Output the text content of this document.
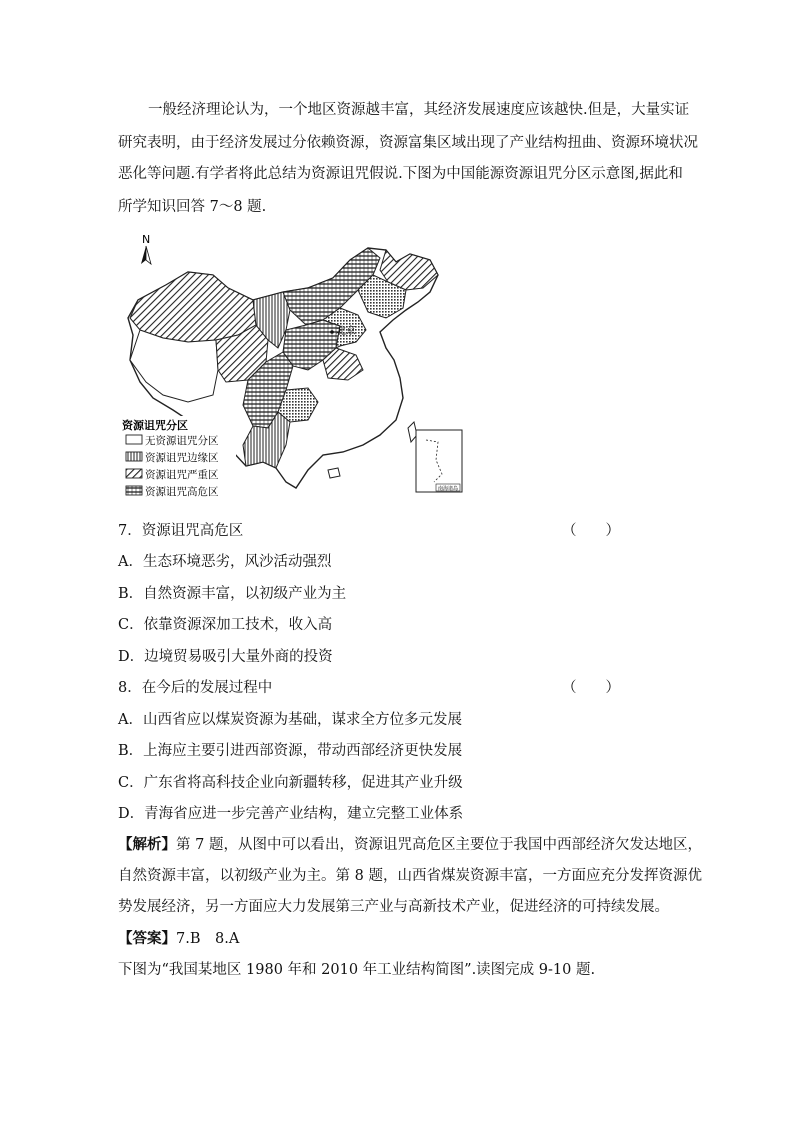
一般经济理论认为，一个地区资源越丰富，其经济发展速度应该越快.但是，大量实证
研究表明，由于经济发展过分依赖资源，资源富集区域出现了产业结构扭曲、资源环境状况
恶化等问题.有学者将此总结为资源诅咒假说.下图为中国能源资源诅咒分区示意图,据此和
所学知识回答 7～8 题.
N
北京
南海诸岛
资源诅咒分区
无资源诅咒分区
资源诅咒边缘区
资源诅咒严重区
资源诅咒高危区
7．资源诅咒高危区	（　　）
A．生态环境恶劣，风沙活动强烈
B．自然资源丰富，以初级产业为主
C．依靠资源深加工技术，收入高
D．边境贸易吸引大量外商的投资
8．在今后的发展过程中	（　　）
A．山西省应以煤炭资源为基础，谋求全方位多元发展
B．上海应主要引进西部资源，带动西部经济更快发展
C．广东省将高科技企业向新疆转移，促进其产业升级
D．青海省应进一步完善产业结构，建立完整工业体系
【解析】第 7 题，从图中可以看出，资源诅咒高危区主要位于我国中西部经济欠发达地区，
自然资源丰富，以初级产业为主。第 8 题，山西省煤炭资源丰富，一方面应充分发挥资源优
势发展经济，另一方面应大力发展第三产业与高新技术产业，促进经济的可持续发展。
【答案】7.B　8.A
下图为“我国某地区 1980 年和 2010 年工业结构简图”.读图完成 9-10 题.
